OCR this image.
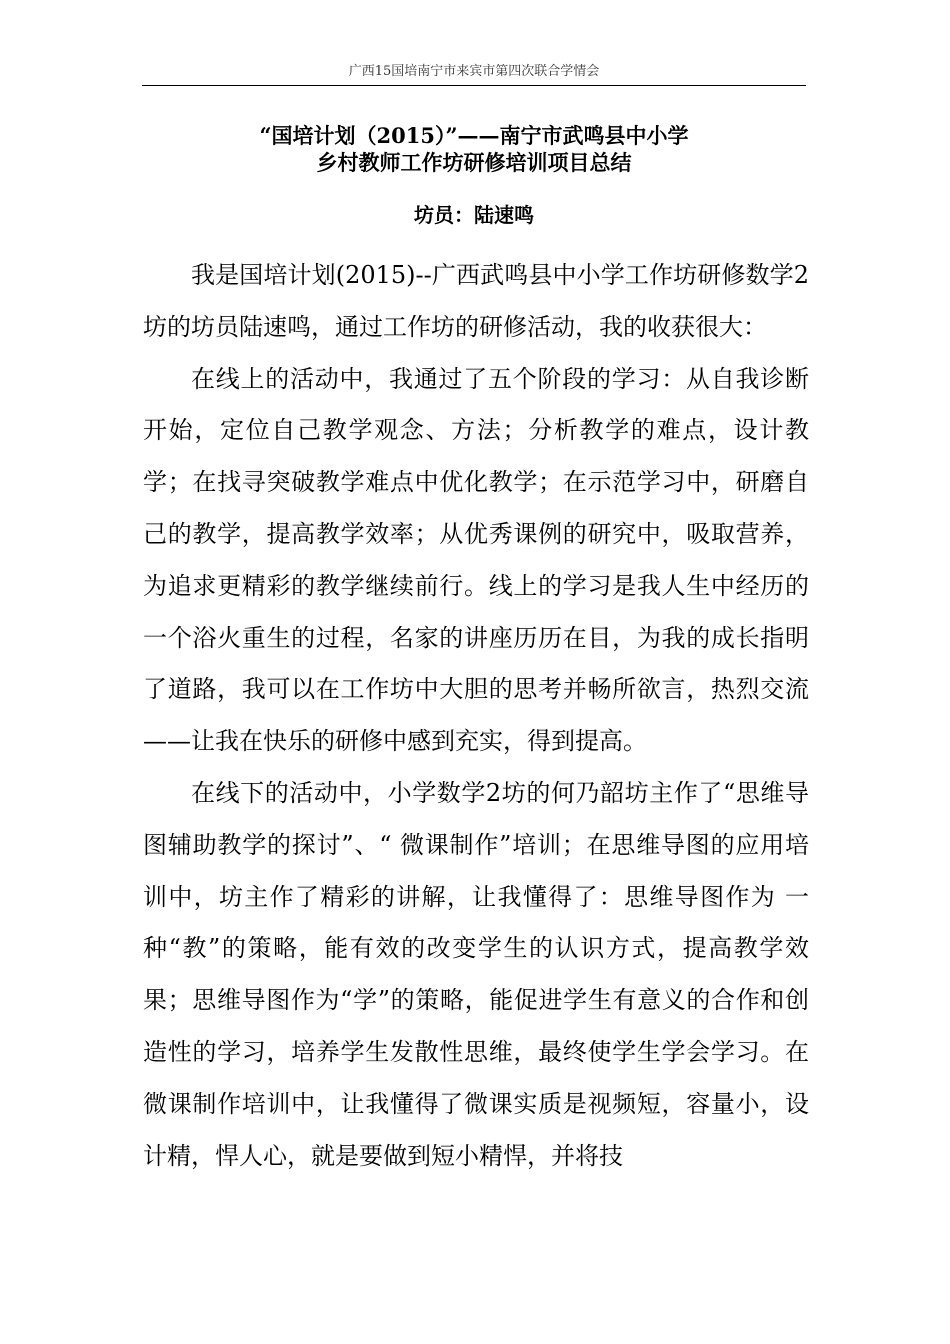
广西15国培南宁市来宾市第四次联合学情会
“国培计划（2015）”——南宁市武鸣县中小学
乡村教师工作坊研修培训项目总结
坊员：陆速鸣

我是国培计划(2015)--广西武鸣县中小学工作坊研修数学2坊的坊员陆速鸣，通过工作坊的研修活动，我的收获很大：

在线上的活动中，我通过了五个阶段的学习：从自我诊断开始，定位自己教学观念、方法；分析教学的难点，设计教学；在找寻突破教学难点中优化教学；在示范学习中，研磨自己的教学，提高教学效率；从优秀课例的研究中，吸取营养，为追求更精彩的教学继续前行。线上的学习是我人生中经历的一个浴火重生的过程，名家的讲座历历在目，为我的成长指明了道路，我可以在工作坊中大胆的思考并畅所欲言，热烈交流——让我在快乐的研修中感到充实，得到提高。

在线下的活动中，小学数学2坊的何乃韶坊主作了“思维导图辅助教学的探讨”、“ 微课制作”培训；在思维导图的应用培训中，坊主作了精彩的讲解，让我懂得了：思维导图作为 一种“教”的策略，能有效的改变学生的认识方式，提高教学效果；思维导图作为“学”的策略，能促进学生有意义的合作和创造性的学习，培养学生发散性思维，最终使学生学会学习。在微课制作培训中，让我懂得了微课实质是视频短，容量小，设计精，悍人心，就是要做到短小精悍，并将技
